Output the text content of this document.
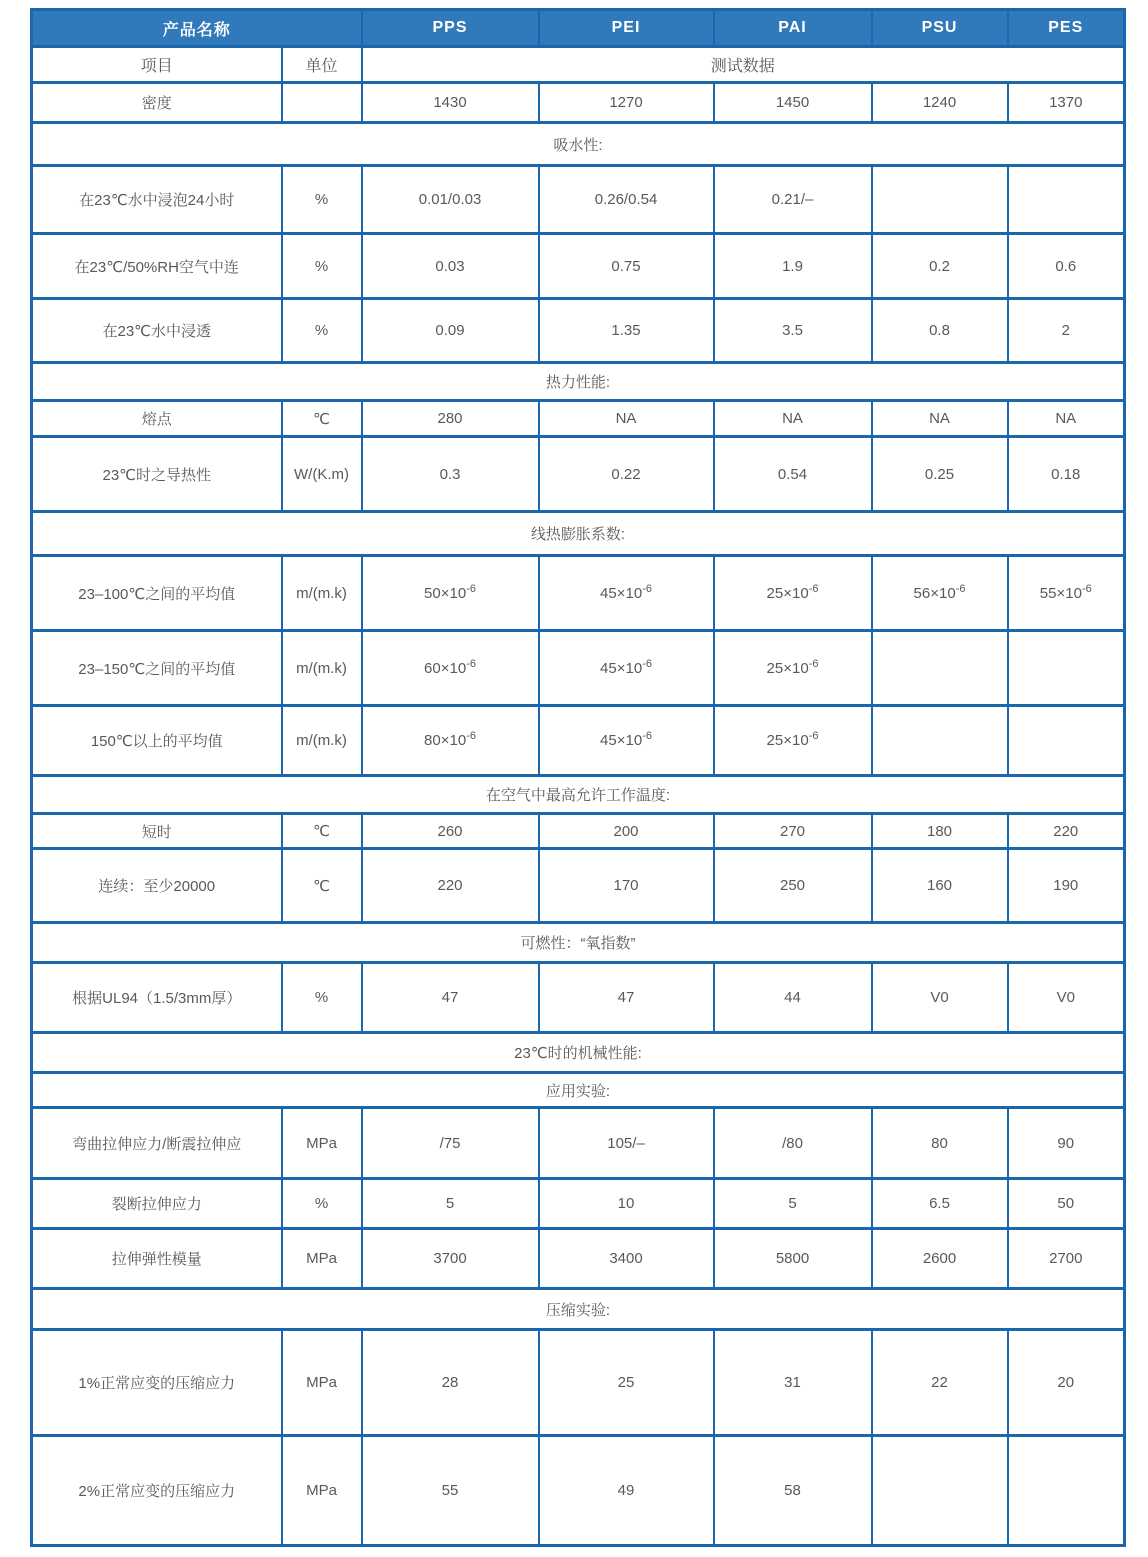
产品名称		PPS	PEI	PAI	PSU	PES
项目	单位	测试数据				
密度		1430	1270	1450	1240	1370
吸水性:						
在23℃水中浸泡24小时	%	0.01/0.03	0.26/0.54	0.21/–		
在23℃/50%RH空气中连	%	0.03	0.75	1.9	0.2	0.6
在23℃水中浸透	%	0.09	1.35	3.5	0.8	2
热力性能:						
熔点	℃	280	NA	NA	NA	NA
23℃时之导热性	W/(K.m)	0.3	0.22	0.54	0.25	0.18
线热膨胀系数:						
23–100℃之间的平均值	m/(m.k)	$50\times 10^{-6}$	$45\times 10^{-6}$	$25\times 10^{-6}$	$56\times 10^{-6}$	$55\times 10^{-6}$
23–150℃之间的平均值	m/(m.k)	$60\times 10^{-6}$	$45\times 10^{-6}$	$25\times 10^{-6}$		
150℃以上的平均值	m/(m.k)	$80\times 10^{-6}$	$45\times 10^{-6}$	$25\times 10^{-6}$		
在空气中最高允许工作温度:						
短时	℃	260	200	270	180	220
连续：至少20000	℃	220	170	250	160	190
可燃性：“氧指数”						
根据UL94（1.5/3mm厚）	%	47	47	44	V0	V0
23℃时的机械性能:						
应用实验:						
弯曲拉伸应力/断震拉伸应	MPa	/75	105/–	/80	80	90
裂断拉伸应力	%	5	10	5	6.5	50
拉伸弹性模量	MPa	3700	3400	5800	2600	2700
压缩实验:						
1%正常应变的压缩应力	MPa	28	25	31	22	20
2%正常应变的压缩应力	MPa	55	49	58		
